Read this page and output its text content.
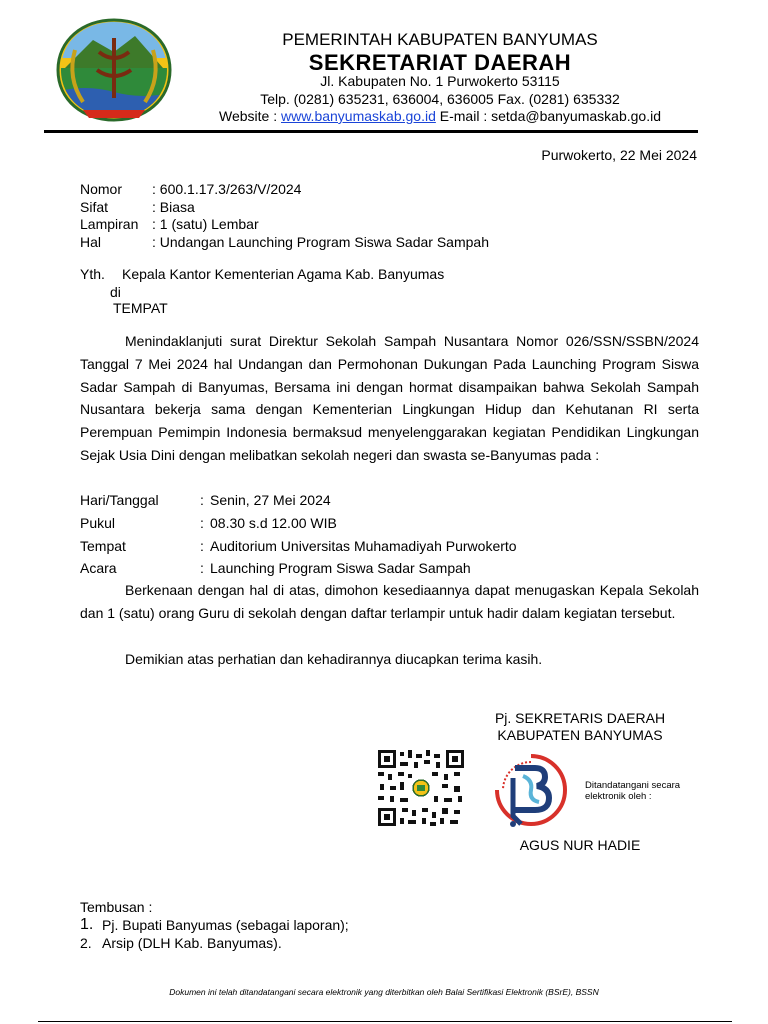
PEMERINTAH KABUPATEN BANYUMAS
SEKRETARIAT DAERAH
Jl. Kabupaten No. 1 Purwokerto 53115
Telp. (0281) 635231, 636004, 636005 Fax. (0281) 635332
Website : www.banyumaskab.go.id E-mail : setda@banyumaskab.go.id
Purwokerto, 22 Mei 2024
Nomor	: 600.1.17.3/263/V/2024
Sifat	: Biasa
Lampiran : 1 (satu) Lembar
Hal	: Undangan Launching Program Siswa Sadar Sampah
Yth. Kepala Kantor Kementerian Agama Kab. Banyumas
di
TEMPAT
Menindaklanjuti surat Direktur Sekolah Sampah Nusantara Nomor 026/SSN/SSBN/2024 Tanggal 7 Mei 2024 hal Undangan dan Permohonan Dukungan Pada Launching Program Siswa Sadar Sampah di Banyumas, Bersama ini dengan hormat disampaikan bahwa Sekolah Sampah Nusantara bekerja sama dengan Kementerian Lingkungan Hidup dan Kehutanan RI serta Perempuan Pemimpin Indonesia bermaksud menyelenggarakan kegiatan Pendidikan Lingkungan Sejak Usia Dini dengan melibatkan sekolah negeri dan swasta se-Banyumas pada :
Hari/Tanggal	: Senin, 27 Mei 2024
Pukul	: 08.30 s.d 12.00 WIB
Tempat	: Auditorium Universitas Muhamadiyah Purwokerto
Acara	: Launching Program Siswa Sadar Sampah
Berkenaan dengan hal di atas, dimohon kesediaannya dapat menugaskan Kepala Sekolah dan 1 (satu) orang Guru di sekolah dengan daftar terlampir untuk hadir dalam kegiatan tersebut.
Demikian atas perhatian dan kehadirannya diucapkan terima kasih.
Pj. SEKRETARIS DAERAH
KABUPATEN BANYUMAS
Ditandatangani secara
elektronik oleh :
AGUS NUR HADIE
Tembusan :
1. Pj. Bupati Banyumas (sebagai laporan);
2. Arsip (DLH Kab. Banyumas).
Dokumen ini telah ditandatangani secara elektronik yang diterbitkan oleh Balai Sertifikasi Elektronik (BSrE), BSSN
